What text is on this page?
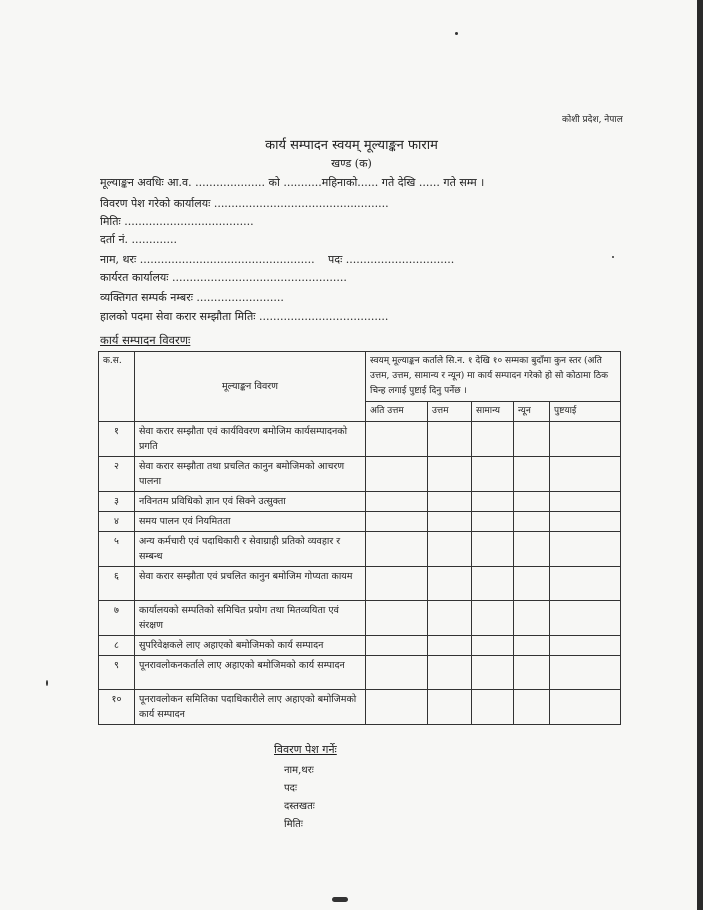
कोशी प्रदेश, नेपाल
कार्य सम्पादन स्वयम् मूल्याङ्कन फाराम
खण्ड (क)
मूल्याङ्कन अवधिः आ.व. .................... को ...........महिनाको...... गते देखि ...... गते सम्म ।
विवरण पेश गरेको कार्यालयः ..................................................
मितिः .....................................
दर्ता नं. .............
नाम, थरः .................................................. पदः ...............................
कार्यरत कार्यालयः ..................................................
व्यक्तिगत सम्पर्क नम्बरः .........................
हालको पदमा सेवा करार सम्झौता मितिः .....................................
कार्य सम्पादन विवरणः
क.स.	मूल्याङ्कन विवरण	स्वयम् मूल्याङ्कन कर्ताले सि.न. १ देखि १० सम्मका बुदाँमा कुन स्तर (अति उत्तम, उत्तम, सामान्य र न्यून) मा कार्य सम्पादन गरेको हो सो कोठामा ठिक चिन्ह लगाई पुष्टाई दिनु पर्नेछ ।				
		अति उत्तम	उत्तम	सामान्य	न्यून	पुष्टयाई
१	सेवा करार सम्झौता एवं कार्यविवरण बमोजिम कार्यसम्पादनको प्रगति					
२	सेवा करार सम्झौता तथा प्रचलित कानुन बमोजिमको आचरण पालना					
३	नविनतम प्रविधिको ज्ञान एवं सिक्ने उत्सुक्ता					
४	समय पालन एवं नियमितता					
५	अन्य कर्मचारी एवं पदाधिकारी र सेवाग्राही प्रतिको व्यवहार र सम्बन्ध					
६	सेवा करार सम्झौता एवं प्रचलित कानुन बमोजिम गोप्यता कायम					
७	कार्यालयको सम्पतिको समिचित प्रयोग तथा मितव्ययिता एवं संरक्षण					
८	सुपरिवेक्षकले लाए अहाएको बमोजिमको कार्य सम्पादन					
९	पूनरावलोकनकर्ताले लाए अहाएको बमोजिमको कार्य सम्पादन					
१०	पूनरावलोकन समितिका पदाधिकारीले लाए अहाएको बमोजिमको कार्य सम्पादन					
विवरण पेश गर्नेः
नाम,थरः
पदः
दस्तखतः
मितिः
